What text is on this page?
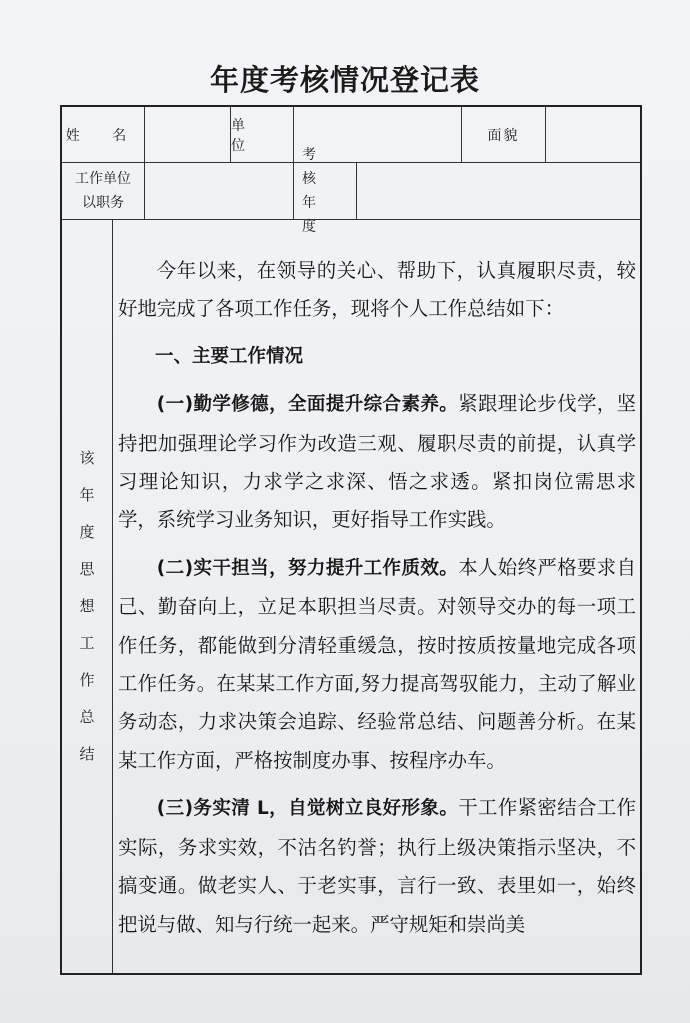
年度考核情况登记表
姓 名
单 位
面貌
工作单位
以职务
考 核
年 度
该
年
度
思
想
工
作
总
结

今年以来，在领导的关心、帮助下，认真履职尽责，较好地完成了各项工作任务，现将个人工作总结如下：

一、主要工作情况

(一)勤学修德，全面提升综合素养。紧跟理论步伐学，坚持把加强理论学习作为改造三观、履职尽责的前提，认真学习理论知识，力求学之求深、悟之求透。紧扣岗位需思求学，系统学习业务知识，更好指导工作实践。

(二)实干担当，努力提升工作质效。本人始终严格要求自己、勤奋向上，立足本职担当尽责。对领导交办的每一项工作任务，都能做到分清轻重缓急，按时按质按量地完成各项工作任务。在某某工作方面,努力提高驾驭能力，主动了解业务动态，力求决策会追踪、经验常总结、问题善分析。在某某工作方面，严格按制度办事、按程序办车。

(三)务实清 L，自觉树立良好形象。干工作紧密结合工作实际，务求实效，不沽名钓誉；执行上级决策指示坚决，不搞变通。做老实人、于老实事，言行一致、表里如一，始终把说与做、知与行统一起来。严守规矩和崇尚美
